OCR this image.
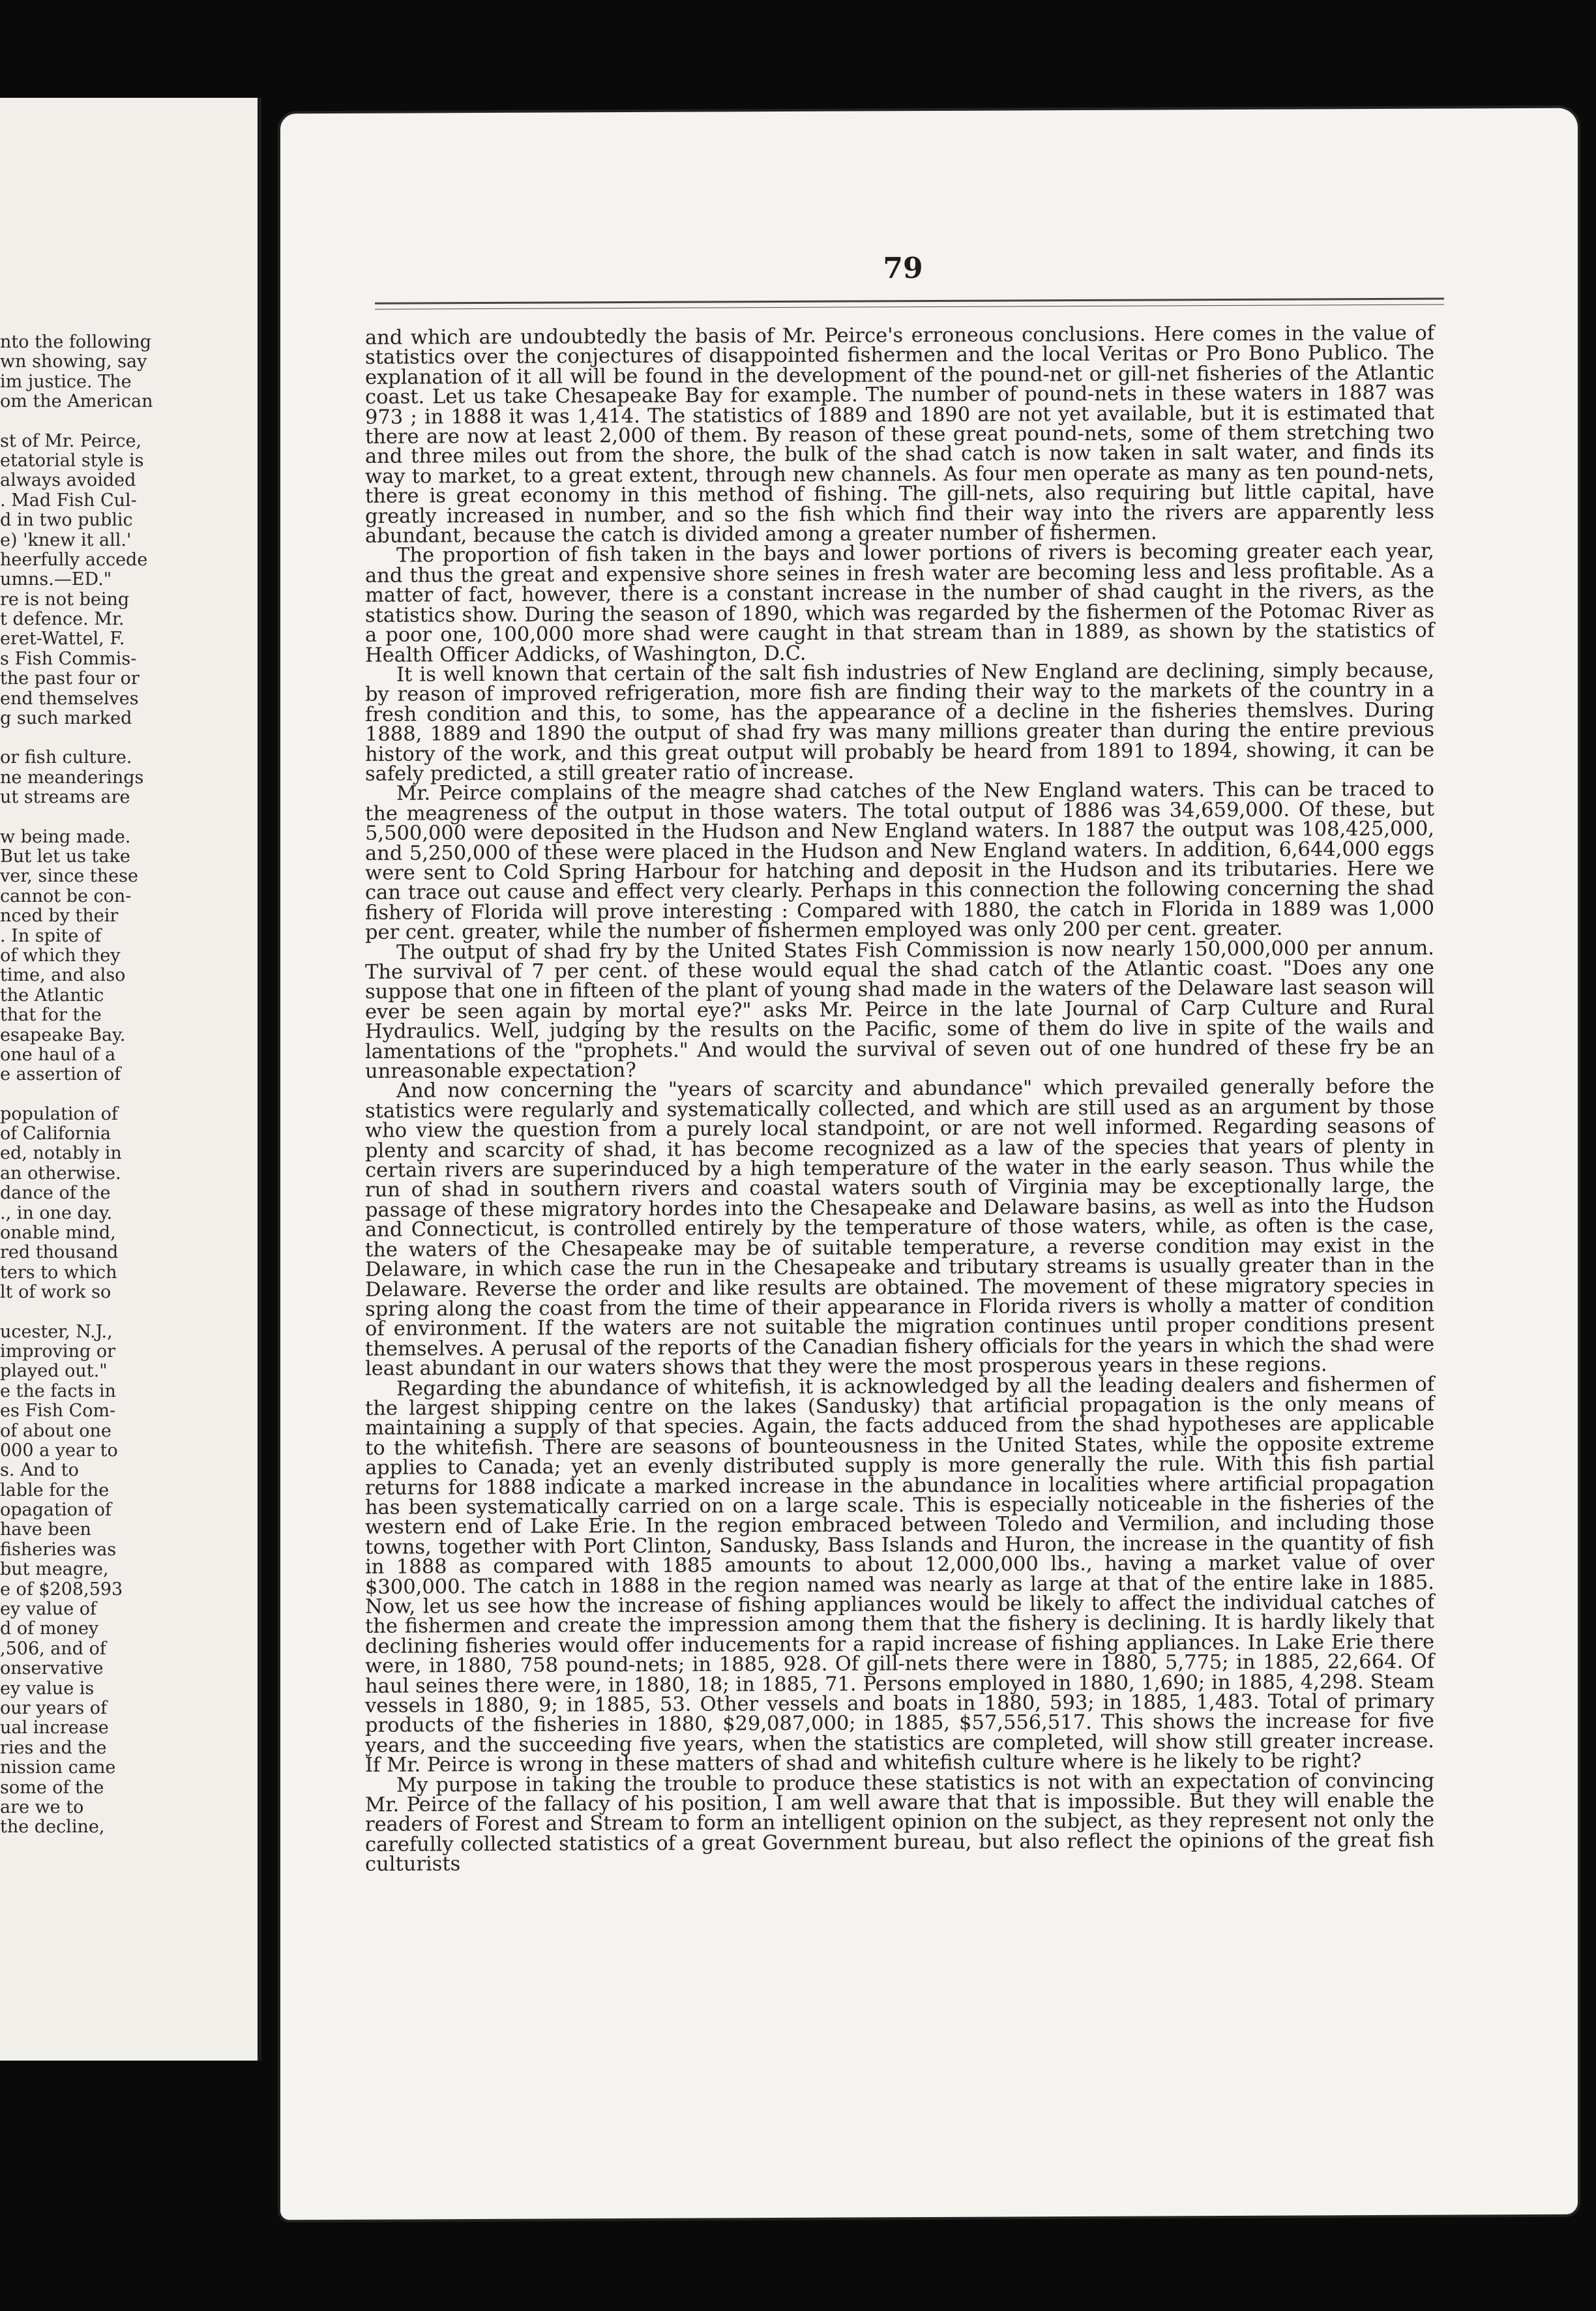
nto the following
wn showing, say
im justice. The
om the American
st of Mr. Peirce,
etatorial style is
always avoided
. Mad Fish Cul-
d in two public
e) 'knew it all.'
heerfully accede
umns.—ED."
re is not being
t defence. Mr.
eret-Wattel, F.
s Fish Commis-
the past four or
end themselves
g such marked
or fish culture.
ne meanderings
ut streams are
w being made.
But let us take
ver, since these
cannot be con-
nced by their
. In spite of
of which they
time, and also
the Atlantic
that for the
esapeake Bay.
one haul of a
e assertion of
population of
of California
ed, notably in
an otherwise.
dance of the
., in one day.
onable mind,
red thousand
ters to which
lt of work so
ucester, N.J.,
improving or
played out."
e the facts in
es Fish Com-
of about one
000 a year to
s. And to
lable for the
opagation of
have been
fisheries was
but meagre,
e of $208,593
ey value of
d of money
,506, and of
onservative
ey value is
our years of
ual increase
ries and the
nission came
some of the
are we to
the decline,
79

and which are undoubtedly the basis of Mr. Peirce's erroneous conclusions. Here comes in the value of statistics over the conjectures of disappointed fishermen and the local Veritas or Pro Bono Publico. The explanation of it all will be found in the development of the pound-net or gill-net fisheries of the Atlantic coast. Let us take Chesapeake Bay for example. The number of pound-nets in these waters in 1887 was 973 ; in 1888 it was 1,414. The statistics of 1889 and 1890 are not yet available, but it is estimated that there are now at least 2,000 of them. By reason of these great pound-nets, some of them stretching two and three miles out from the shore, the bulk of the shad catch is now taken in salt water, and finds its way to market, to a great extent, through new channels. As four men operate as many as ten pound-nets, there is great economy in this method of fishing. The gill-nets, also requiring but little capital, have greatly increased in number, and so the fish which find their way into the rivers are apparently less abundant, because the catch is divided among a greater number of fishermen.

The proportion of fish taken in the bays and lower portions of rivers is becoming greater each year, and thus the great and expensive shore seines in fresh water are becoming less and less profitable. As a matter of fact, however, there is a constant increase in the number of shad caught in the rivers, as the statistics show. During the season of 1890, which was regarded by the fishermen of the Potomac River as a poor one, 100,000 more shad were caught in that stream than in 1889, as shown by the statistics of Health Officer Addicks, of Washington, D.C.

It is well known that certain of the salt fish industries of New England are declining, simply because, by reason of improved refrigeration, more fish are finding their way to the markets of the country in a fresh condition and this, to some, has the appearance of a decline in the fisheries themslves. During 1888, 1889 and 1890 the output of shad fry was many millions greater than during the entire previous history of the work, and this great output will probably be heard from 1891 to 1894, showing, it can be safely predicted, a still greater ratio of increase.

Mr. Peirce complains of the meagre shad catches of the New England waters. This can be traced to the meagreness of the output in those waters. The total output of 1886 was 34,659,000. Of these, but 5,500,000 were deposited in the Hudson and New England waters. In 1887 the output was 108,425,000, and 5,250,000 of these were placed in the Hudson and New England waters. In addition, 6,644,000 eggs were sent to Cold Spring Harbour for hatching and deposit in the Hudson and its tributaries. Here we can trace out cause and effect very clearly. Perhaps in this connection the following concerning the shad fishery of Florida will prove interesting : Compared with 1880, the catch in Florida in 1889 was 1,000 per cent. greater, while the number of fishermen employed was only 200 per cent. greater.

The output of shad fry by the United States Fish Commission is now nearly 150,000,000 per annum. The survival of 7 per cent. of these would equal the shad catch of the Atlantic coast. "Does any one suppose that one in fifteen of the plant of young shad made in the waters of the Delaware last season will ever be seen again by mortal eye?" asks Mr. Peirce in the late Journal of Carp Culture and Rural Hydraulics. Well, judging by the results on the Pacific, some of them do live in spite of the wails and lamentations of the "prophets." And would the survival of seven out of one hundred of these fry be an unreasonable expectation?

And now concerning the "years of scarcity and abundance" which prevailed generally before the statistics were regularly and systematically collected, and which are still used as an argument by those who view the question from a purely local standpoint, or are not well informed. Regarding seasons of plenty and scarcity of shad, it has become recognized as a law of the species that years of plenty in certain rivers are superinduced by a high temperature of the water in the early season. Thus while the run of shad in southern rivers and coastal waters south of Virginia may be exceptionally large, the passage of these migratory hordes into the Chesapeake and Delaware basins, as well as into the Hudson and Connecticut, is controlled entirely by the temperature of those waters, while, as often is the case, the waters of the Chesapeake may be of suitable temperature, a reverse condition may exist in the Delaware, in which case the run in the Chesapeake and tributary streams is usually greater than in the Delaware. Reverse the order and like results are obtained. The movement of these migratory species in spring along the coast from the time of their appearance in Florida rivers is wholly a matter of condition of environment. If the waters are not suitable the migration continues until proper conditions present themselves. A perusal of the reports of the Canadian fishery officials for the years in which the shad were least abundant in our waters shows that they were the most prosperous years in these regions.

Regarding the abundance of whitefish, it is acknowledged by all the leading dealers and fishermen of the largest shipping centre on the lakes (Sandusky) that artificial propagation is the only means of maintaining a supply of that species. Again, the facts adduced from the shad hypotheses are applicable to the whitefish. There are seasons of bounteousness in the United States, while the opposite extreme applies to Canada; yet an evenly distributed supply is more generally the rule. With this fish partial returns for 1888 indicate a marked increase in the abundance in localities where artificial propagation has been systematically carried on on a large scale. This is especially noticeable in the fisheries of the western end of Lake Erie. In the region embraced between Toledo and Vermilion, and including those towns, together with Port Clinton, Sandusky, Bass Islands and Huron, the increase in the quantity of fish in 1888 as compared with 1885 amounts to about 12,000,000 lbs., having a market value of over $300,000. The catch in 1888 in the region named was nearly as large at that of the entire lake in 1885. Now, let us see how the increase of fishing appliances would be likely to affect the individual catches of the fishermen and create the impression among them that the fishery is declining. It is hardly likely that declining fisheries would offer inducements for a rapid increase of fishing appliances. In Lake Erie there were, in 1880, 758 pound-nets; in 1885, 928. Of gill-nets there were in 1880, 5,775; in 1885, 22,664. Of haul seines there were, in 1880, 18; in 1885, 71. Persons employed in 1880, 1,690; in 1885, 4,298. Steam vessels in 1880, 9; in 1885, 53. Other vessels and boats in 1880, 593; in 1885, 1,483. Total of primary products of the fisheries in 1880, $29,087,000; in 1885, $57,556,517. This shows the increase for five years, and the succeeding five years, when the statistics are completed, will show still greater increase. If Mr. Peirce is wrong in these matters of shad and whitefish culture where is he likely to be right?

My purpose in taking the trouble to produce these statistics is not with an expectation of convincing Mr. Peirce of the fallacy of his position, I am well aware that that is impossible. But they will enable the readers of Forest and Stream to form an intelligent opinion on the subject, as they represent not only the carefully collected statistics of a great Government bureau, but also reflect the opinions of the great fish culturists
